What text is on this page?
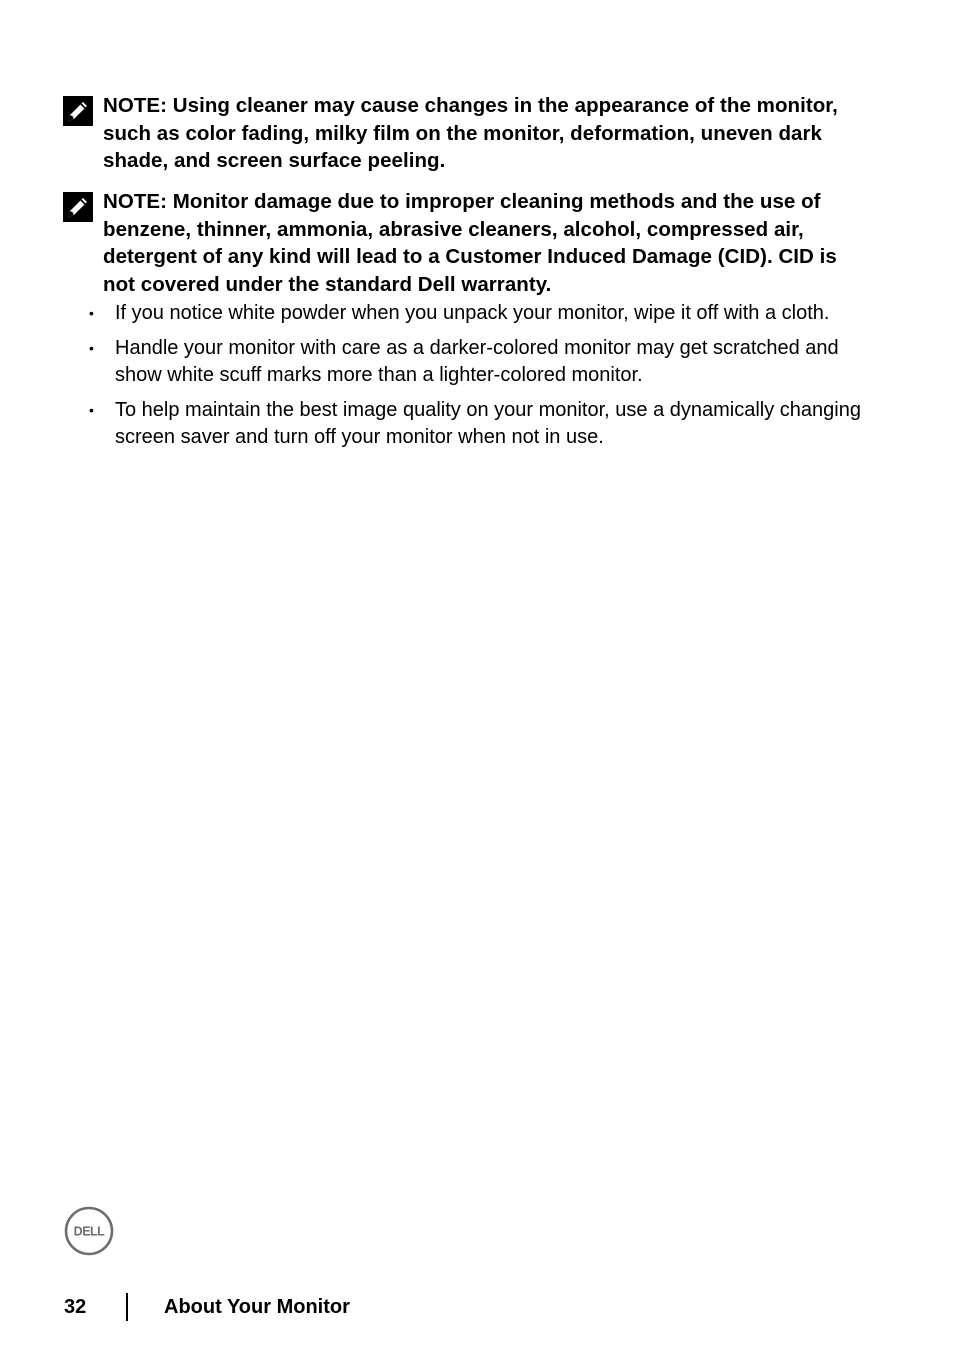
NOTE: Using cleaner may cause changes in the appearance of the monitor, such as color fading, milky film on the monitor, deformation, uneven dark shade, and screen surface peeling.
NOTE: Monitor damage due to improper cleaning methods and the use of benzene, thinner, ammonia, abrasive cleaners, alcohol, compressed air, detergent of any kind will lead to a Customer Induced Damage (CID). CID is not covered under the standard Dell warranty.
• If you notice white powder when you unpack your monitor, wipe it off with a cloth.
• Handle your monitor with care as a darker-colored monitor may get scratched and show white scuff marks more than a lighter-colored monitor.
• To help maintain the best image quality on your monitor, use a dynamically changing screen saver and turn off your monitor when not in use.
DELL
32	About Your Monitor
